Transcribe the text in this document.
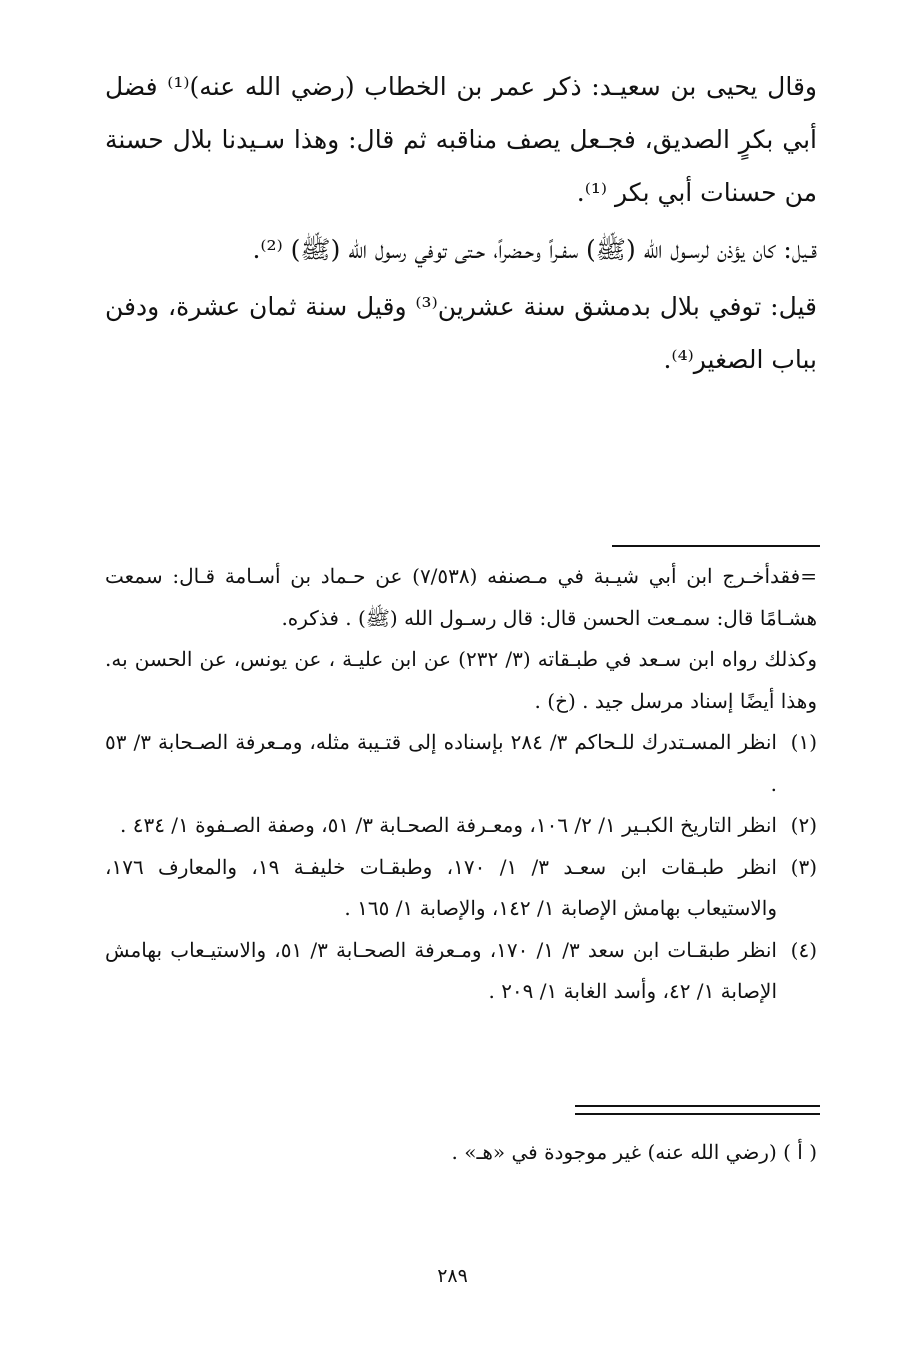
وقال يحيى بن سعيـد: ذكر عمر بن الخطاب (رضي الله عنه)⁽¹⁾ فضل أبي بكرٍ الصديق، فجـعل يصف مناقبه ثم قال: وهذا سـيدنا بلال حسنة من حسنات أبي بكر ⁽¹⁾.

قـيل: كان يؤذن لرسـول الله (ﷺ) سفـراً وحـضراً، حـتى توفي رسول الله (ﷺ) ⁽²⁾.

قيل: توفي بلال بدمشق سنة عشرين⁽³⁾ وقيل سنة ثمان عشرة، ودفن بباب الصغير⁽⁴⁾.

=فقدأخـرج ابن أبي شيـبة في مـصنفه (٧/٥٣٨) عن حـماد بن أسـامة قـال: سمعت هشـامًا قال: سمـعت الحسن قال: قال رسـول الله (ﷺ) . فذكره.

وكذلك رواه ابن سـعد في طبـقاته (٣/ ٢٣٢) عن ابن عليـة ، عن يونس، عن الحسن به. وهذا أيضًا إسناد مرسل جيد . (خ) .

(١)
انظر المسـتدرك للـحاكم ٣/ ٢٨٤ بإسناده إلى قتـيبة مثله، ومـعرفة الصـحابة ٣/ ٥٣ .

(٢)
انظر التاريخ الكبـير ١/ ٢/ ١٠٦، ومعـرفة الصحـابة ٣/ ٥١، وصفة الصـفوة ١/ ٤٣٤ .

(٣)
انظر طبـقات ابن سعـد ٣/ ١/ ١٧٠، وطبقـات خليفـة ١٩، والمعارف ١٧٦، والاستيعاب بهامش الإصابة ١/ ١٤٢، والإصابة ١/ ١٦٥ .

(٤)
انظر طبقـات ابن سعد ٣/ ١/ ١٧٠، ومـعرفة الصحـابة ٣/ ٥١، والاستيـعاب بهامش الإصابة ١/ ٤٢، وأسد الغابة ١/ ٢٠٩ .

( أ ) (رضي الله عنه) غير موجودة في «هـ» .
٢٨٩
